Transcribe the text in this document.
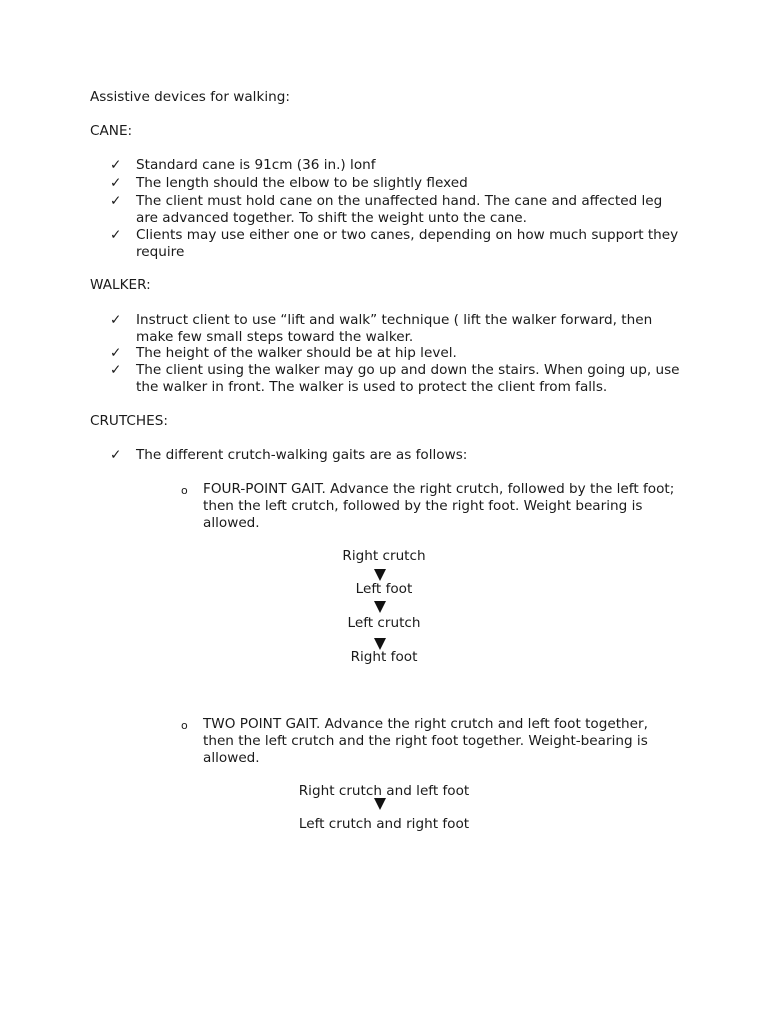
Assistive devices for walking:
CANE:
✓ Standard cane is 91cm (36 in.) lonf
✓ The length should the elbow to be slightly flexed
✓ The client must hold cane on the unaffected hand. The cane and affected leg are advanced together. To shift the weight unto the cane.
✓ Clients may use either one or two canes, depending on how much support they require
WALKER:
✓ Instruct client to use “lift and walk” technique ( lift the walker forward, then make few small steps toward the walker.
✓ The height of the walker should be at hip level.
✓ The client using the walker may go up and down the stairs. When going up, use the walker in front. The walker is used to protect the client from falls.
CRUTCHES:
✓ The different crutch-walking gaits are as follows:
o FOUR-POINT GAIT. Advance the right crutch, followed by the left foot; then the left crutch, followed by the right foot. Weight bearing is allowed.
Right crutch
Left foot
Left crutch
Right foot
o TWO POINT GAIT. Advance the right crutch and left foot together, then the left crutch and the right foot together. Weight-bearing is allowed.
Right crutch and left foot
Left crutch and right foot
